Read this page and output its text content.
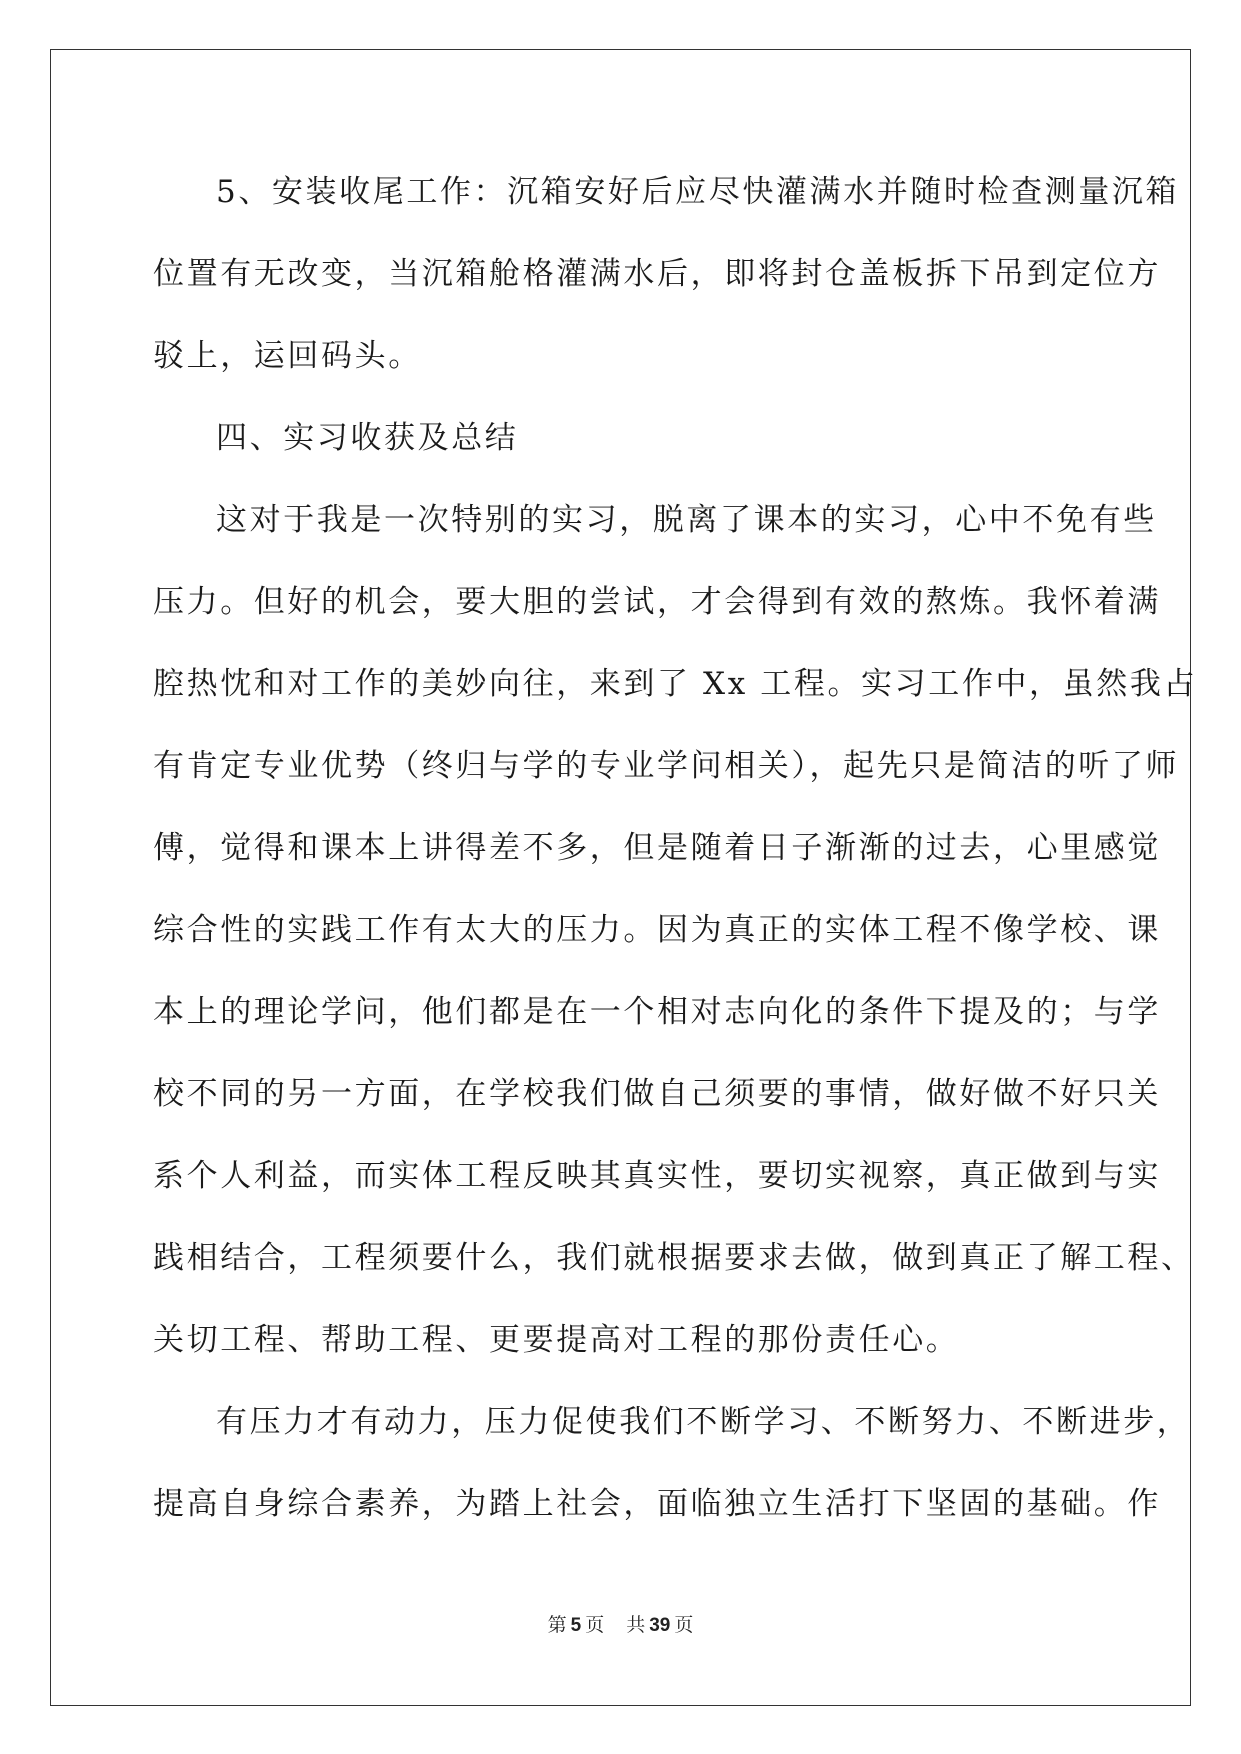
5、安装收尾工作：沉箱安好后应尽快灌满水并随时检查测量沉箱
位置有无改变，当沉箱舱格灌满水后，即将封仓盖板拆下吊到定位方
驳上，运回码头。
四、实习收获及总结
这对于我是一次特别的实习，脱离了课本的实习，心中不免有些
压力。但好的机会，要大胆的尝试，才会得到有效的熬炼。我怀着满
腔热忱和对工作的美妙向往，来到了 Xx 工程。实习工作中，虽然我占
有肯定专业优势（终归与学的专业学问相关），起先只是简洁的听了师
傅，觉得和课本上讲得差不多，但是随着日子渐渐的过去，心里感觉
综合性的实践工作有太大的压力。因为真正的实体工程不像学校、课
本上的理论学问，他们都是在一个相对志向化的条件下提及的；与学
校不同的另一方面，在学校我们做自己须要的事情，做好做不好只关
系个人利益，而实体工程反映其真实性，要切实视察，真正做到与实
践相结合，工程须要什么，我们就根据要求去做，做到真正了解工程、
关切工程、帮助工程、更要提高对工程的那份责任心。
有压力才有动力，压力促使我们不断学习、不断努力、不断进步，
提高自身综合素养，为踏上社会，面临独立生活打下坚固的基础。作
第 5 页 共 39 页
